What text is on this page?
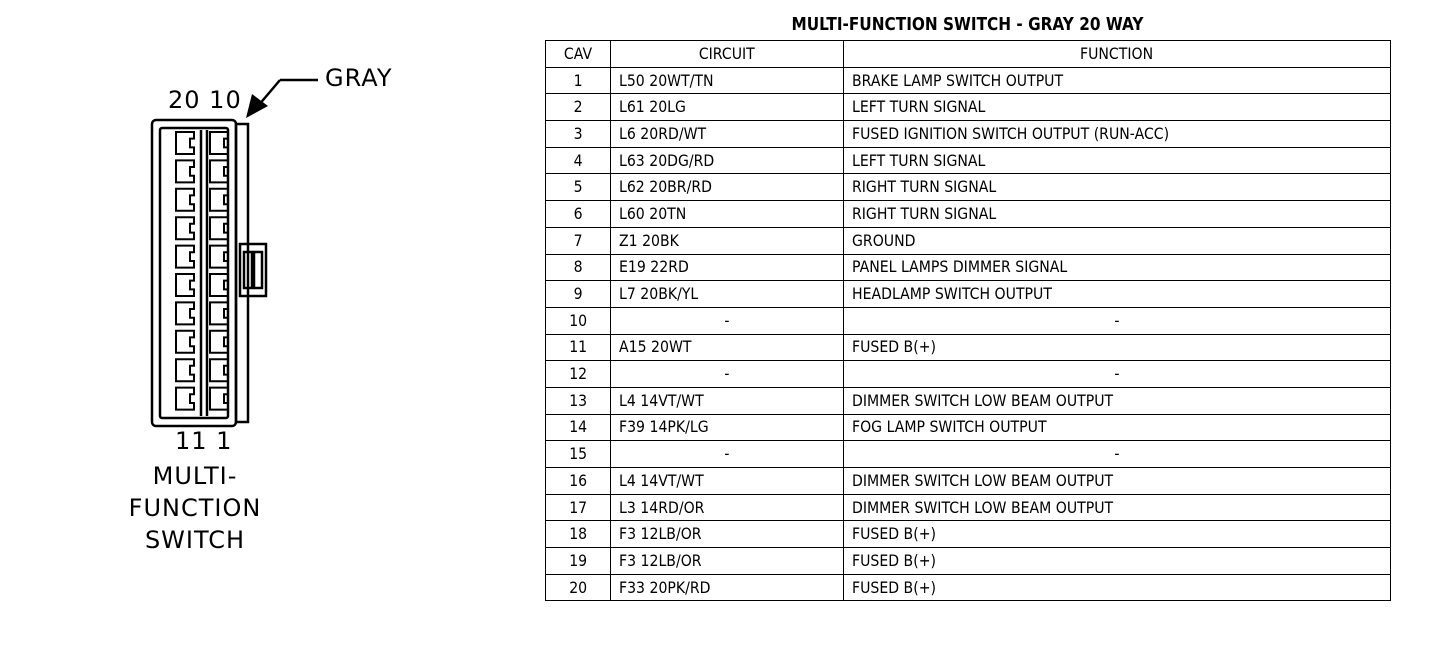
20 10
11 1
GRAY
MULTI-
FUNCTION
SWITCH
MULTI-FUNCTION SWITCH - GRAY 20 WAY
CAV	CIRCUIT	FUNCTION
1	L50 20WT/TN	BRAKE LAMP SWITCH OUTPUT
2	L61 20LG	LEFT TURN SIGNAL
3	L6 20RD/WT	FUSED IGNITION SWITCH OUTPUT (RUN-ACC)
4	L63 20DG/RD	LEFT TURN SIGNAL
5	L62 20BR/RD	RIGHT TURN SIGNAL
6	L60 20TN	RIGHT TURN SIGNAL
7	Z1 20BK	GROUND
8	E19 22RD	PANEL LAMPS DIMMER SIGNAL
9	L7 20BK/YL	HEADLAMP SWITCH OUTPUT
10	-	-
11	A15 20WT	FUSED B(+)
12	-	-
13	L4 14VT/WT	DIMMER SWITCH LOW BEAM OUTPUT
14	F39 14PK/LG	FOG LAMP SWITCH OUTPUT
15	-	-
16	L4 14VT/WT	DIMMER SWITCH LOW BEAM OUTPUT
17	L3 14RD/OR	DIMMER SWITCH LOW BEAM OUTPUT
18	F3 12LB/OR	FUSED B(+)
19	F3 12LB/OR	FUSED B(+)
20	F33 20PK/RD	FUSED B(+)
